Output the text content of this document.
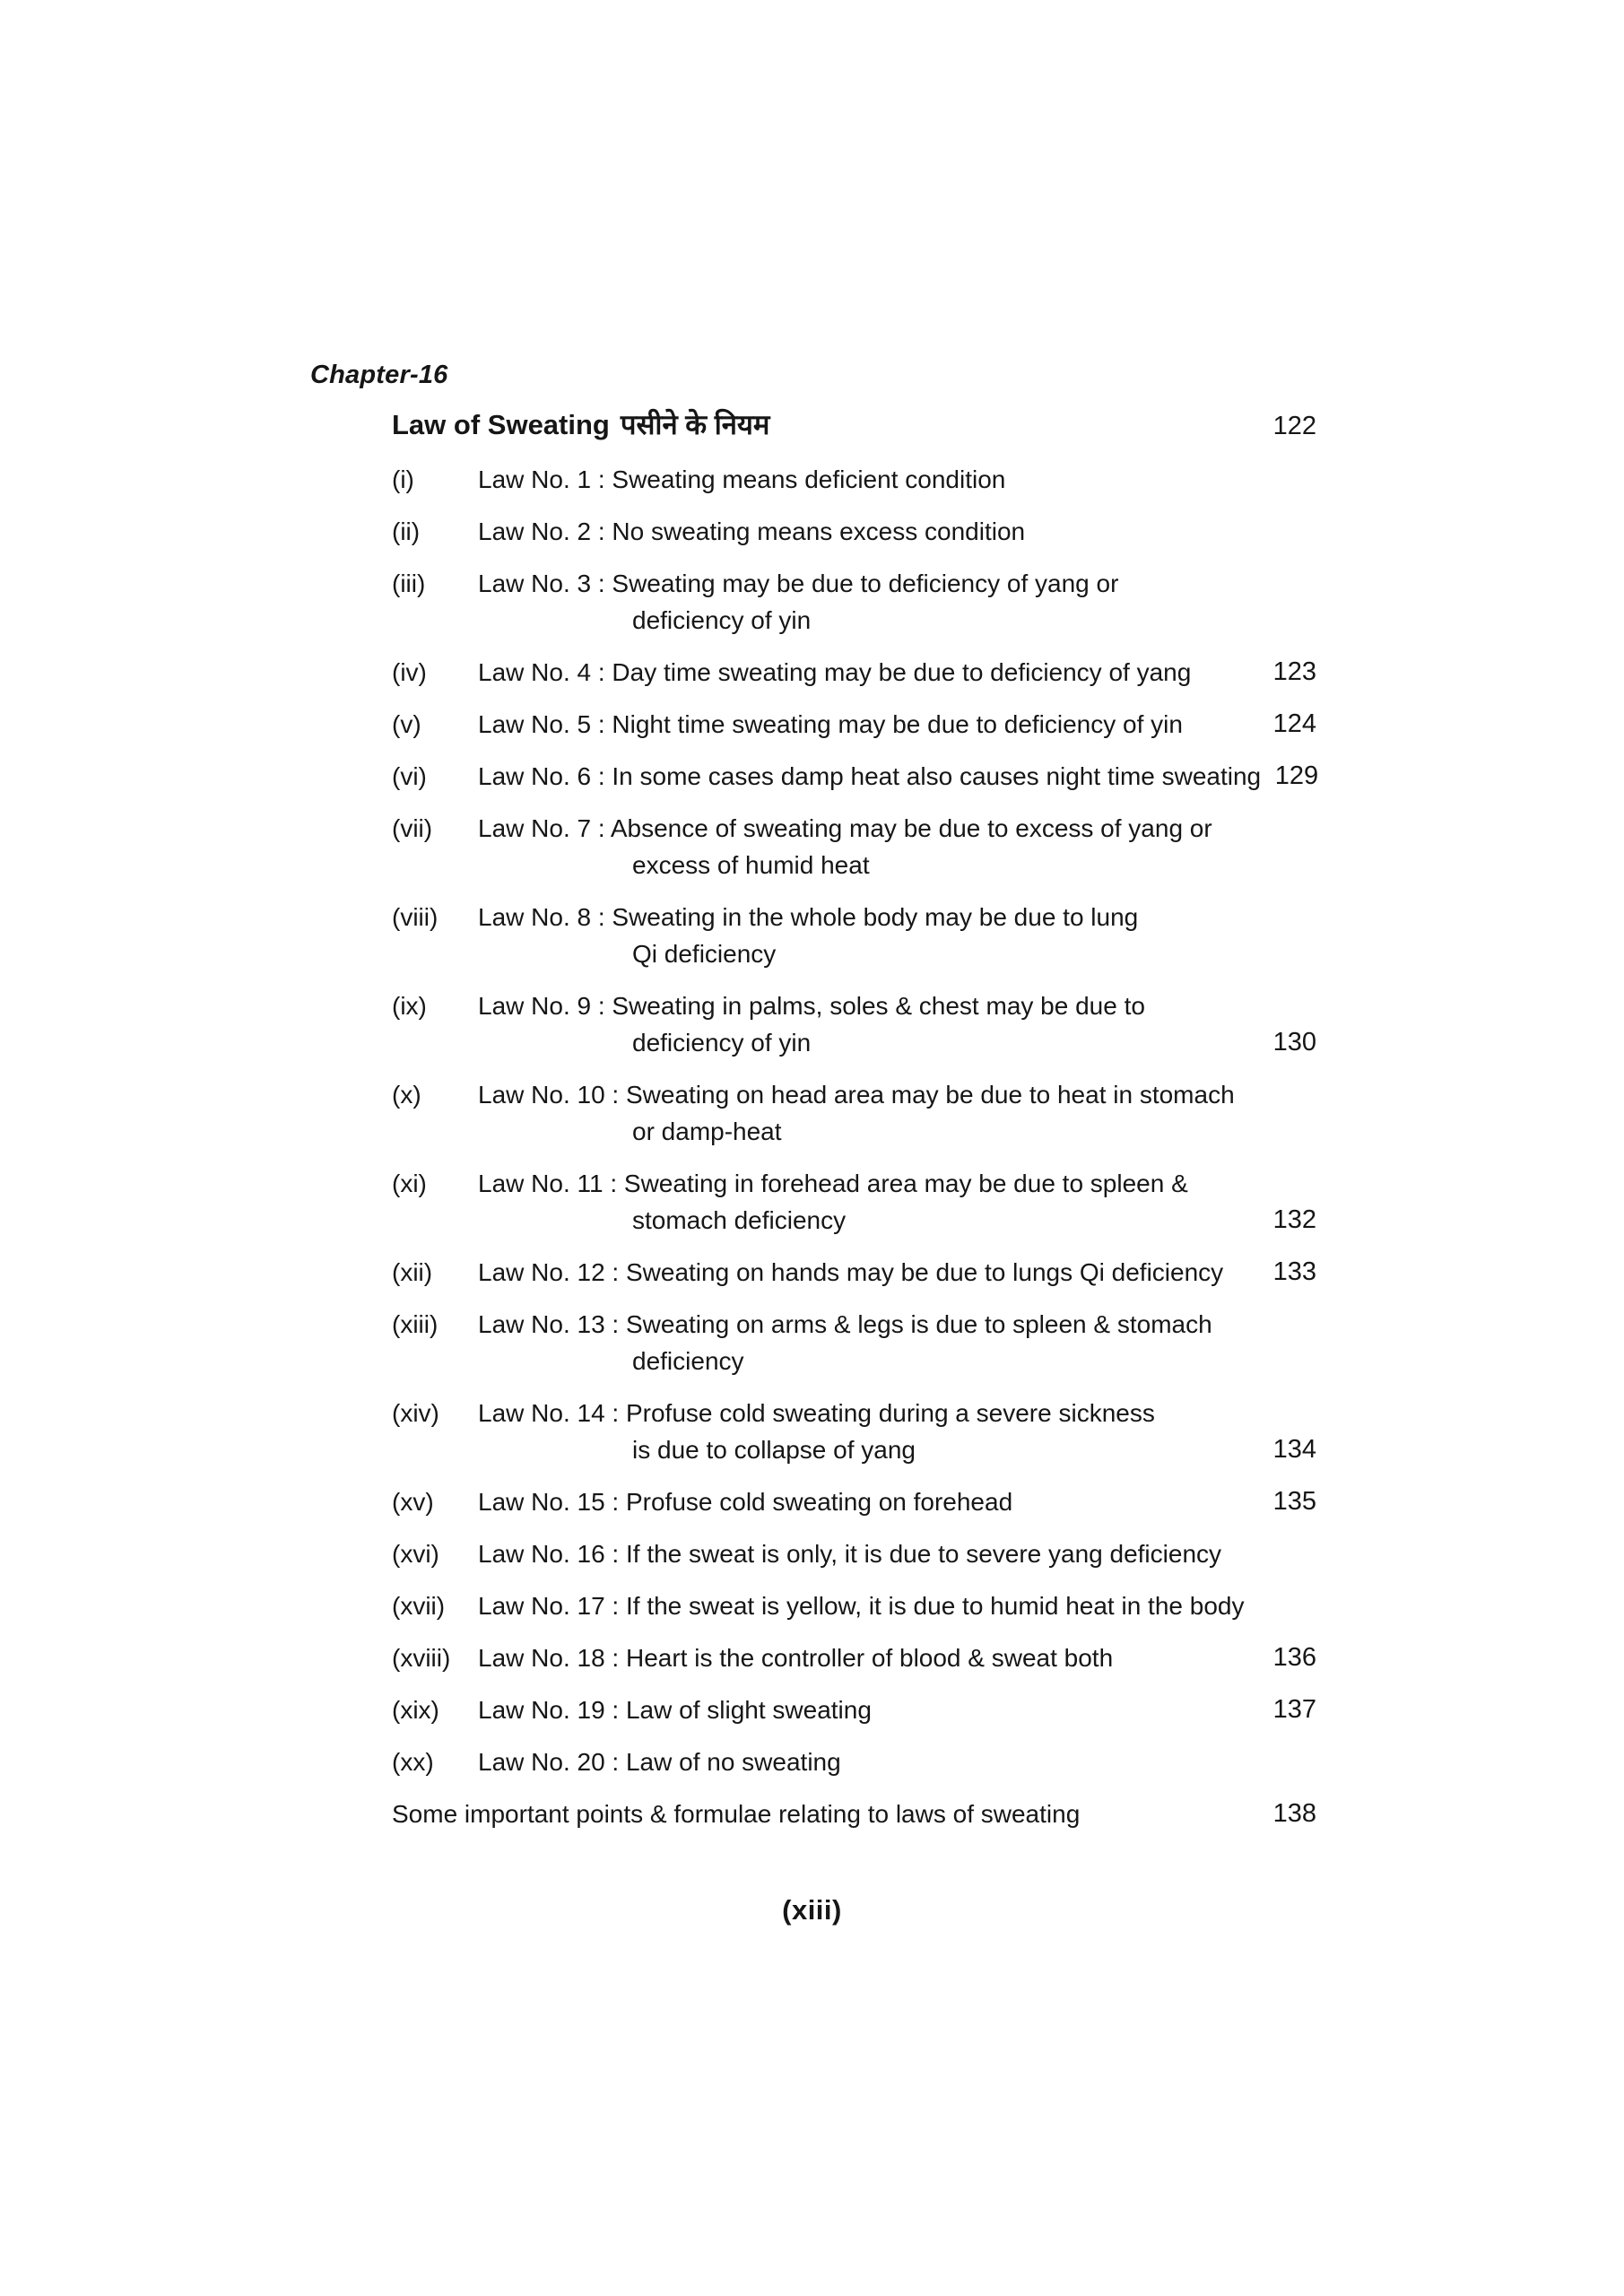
Chapter-16
Law of Sweating पसीने के नियम	122
(i)	Law No. 1 : Sweating means deficient condition
(ii)	Law No. 2 : No sweating means excess condition
(iii)	Law No. 3 : Sweating may be due to deficiency of yang or
deficiency of yin
(iv)	Law No. 4 : Day time sweating may be due to deficiency of yang	123
(v)	Law No. 5 : Night time sweating may be due to deficiency of yin	124
(vi)	Law No. 6 : In some cases damp heat also causes night time sweating 129
(vii)	Law No. 7 : Absence of sweating may be due to excess of yang or
excess of humid heat
(viii)	Law No. 8 : Sweating in the whole body may be due to lung
Qi deficiency
(ix)	Law No. 9 : Sweating in palms, soles & chest may be due to
deficiency of yin	130
(x)	Law No. 10 : Sweating on head area may be due to heat in stomach
or damp-heat
(xi)	Law No. 11 : Sweating in forehead area may be due to spleen &
stomach deficiency	132
(xii)	Law No. 12 : Sweating on hands may be due to lungs Qi deficiency	133
(xiii)	Law No. 13 : Sweating on arms & legs is due to spleen & stomach
deficiency
(xiv)	Law No. 14 : Profuse cold sweating during a severe sickness
is due to collapse of yang	134
(xv)	Law No. 15 : Profuse cold sweating on forehead	135
(xvi)	Law No. 16 : If the sweat is only, it is due to severe yang deficiency
(xvii)	Law No. 17 : If the sweat is yellow, it is due to humid heat in the body
(xviii)	Law No. 18 : Heart is the controller of blood & sweat both	136
(xix)	Law No. 19 : Law of slight sweating	137
(xx)	Law No. 20 : Law of no sweating
Some important points & formulae relating to laws of sweating	138
(xiii)
